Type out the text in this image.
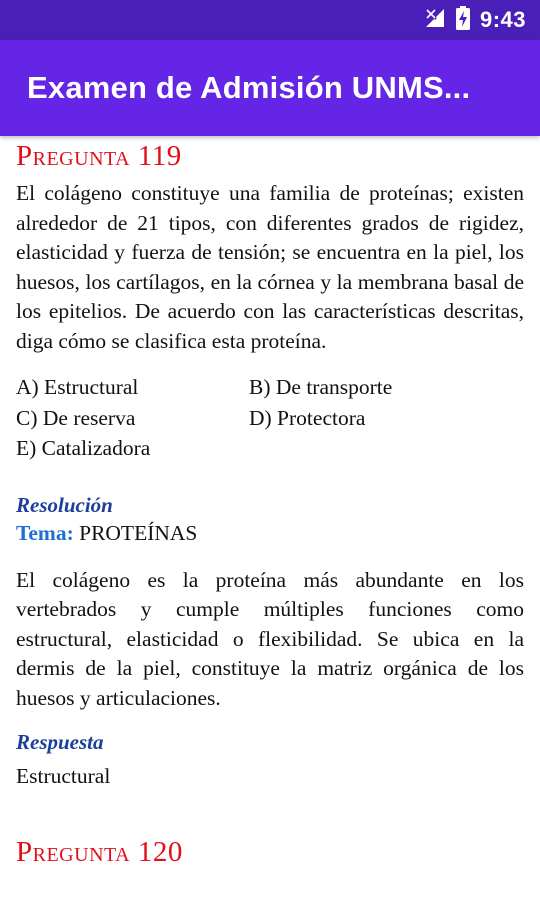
9:43
Examen de Admisión UNMS...
Pregunta 119

El colágeno constituye una familia de proteínas; existen alrededor de 21 tipos, con diferentes grados de rigidez, elasticidad y fuerza de tensión; se encuentra en la piel, los huesos, los cartílagos, en la córnea y la membrana basal de los epitelios. De acuerdo con las características descritas, diga cómo se clasifica esta proteína.

A) Estructural	B) De transporte
C) De reserva	D) Protectora
E) Catalizadora
Resolución
Tema: PROTEÍNAS

El colágeno es la proteína más abundante en los vertebrados y cumple múltiples funciones como estructural, elasticidad o flexibilidad. Se ubica en la dermis de la piel, constituye la matriz orgánica de los huesos y articulaciones.

Respuesta
Estructural
Pregunta 120
